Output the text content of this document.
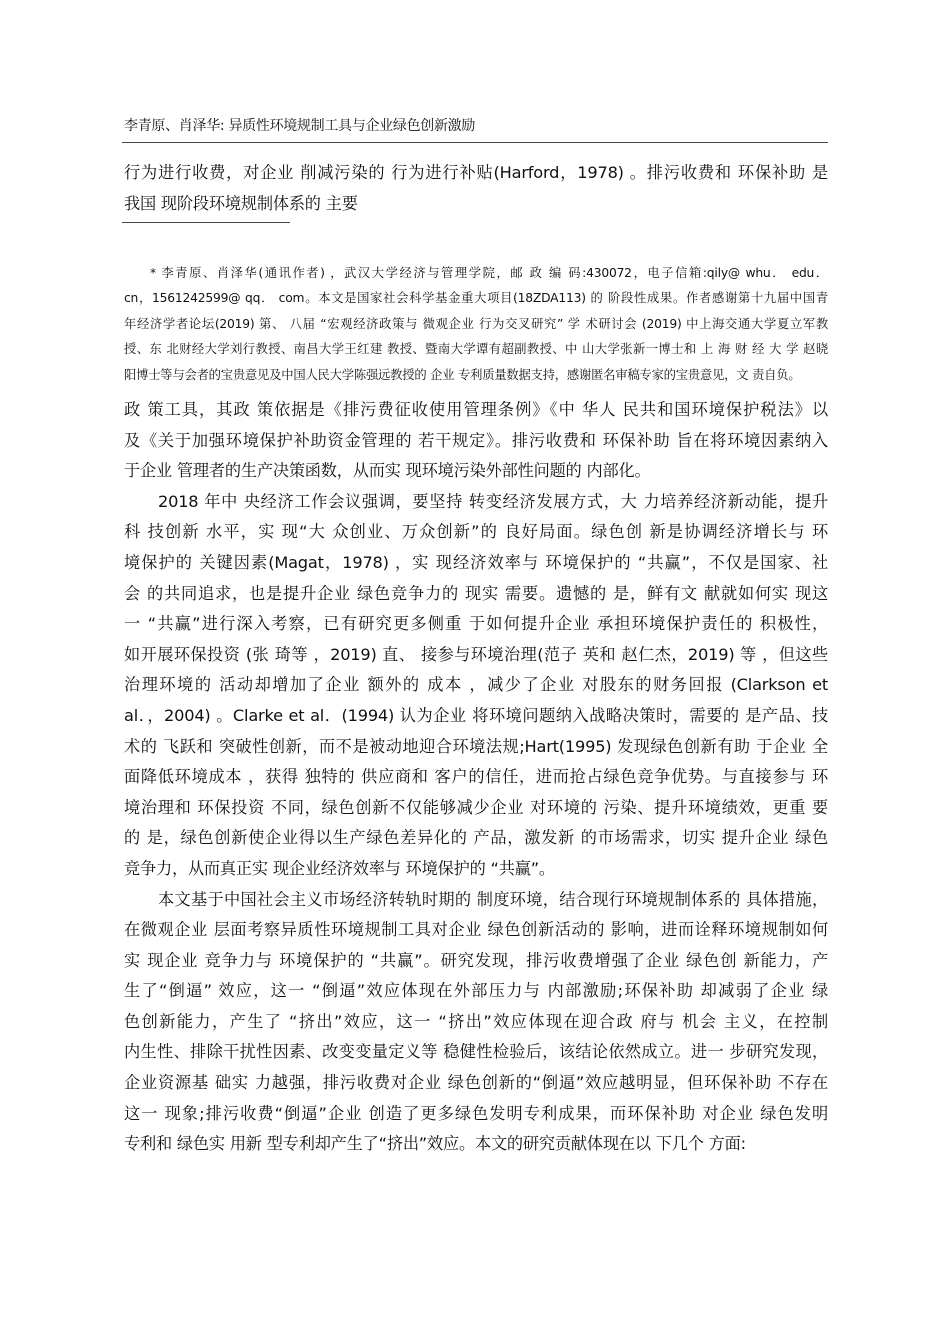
李青原、肖泽华: 异质性环境规制工具与企业绿色创新激励
行为进行收费，对企业 削减污染的 行为进行补贴(Harford，1978) 。排污收费和 环保补助 是
我国 现阶段环境规制体系的 主要
* 李青原、肖泽华(通讯作者) ，武汉大学经济与管理学院，邮 政 编 码:430072，电子信箱:qily@ whu． edu．
cn，1561242599@ qq． com。本文是国家社会科学基金重大项目(18ZDA113) 的 阶段性成果。作者感谢第十九届中国青
年经济学者论坛(2019) 第、 八届 “宏观经济政策与 微观企业 行为交叉研究” 学 术研讨会 (2019) 中上海交通大学夏立军教
授、东 北财经大学刘行教授、南昌大学王红建 教授、暨南大学谭有超副教授、中 山大学张新一博士和 上 海 财 经 大 学 赵晓
阳博士等与会者的宝贵意见及中国人民大学陈强远教授的 企业 专利质量数据支持，感谢匿名审稿专家的宝贵意见，文 责自负。
政 策工具，其政 策依据是《排污费征收使用管理条例》《中 华人 民共和国环境保护税法》以
及《关于加强环境保护补助资金管理的 若干规定》。排污收费和 环保补助 旨在将环境因素纳入
于企业 管理者的生产决策函数，从而实 现环境污染外部性问题的 内部化。
2018 年中 央经济工作会议强调，要坚持 转变经济发展方式，大 力培养经济新动能，提升
科 技创新 水平，实 现“大 众创业、万众创新”的 良好局面。绿色创 新是协调经济增长与 环
境保护的 关键因素(Magat，1978) ，实 现经济效率与 环境保护的 “共赢”，不仅是国家、社
会 的共同追求，也是提升企业 绿色竞争力的 现实 需要。遗憾的 是，鲜有文 献就如何实 现这
一 “共赢”进行深入考察，已有研究更多侧重 于如何提升企业 承担环境保护责任的 积极性，
如开展环保投资 (张 琦等 ，2019) 直、 接参与环境治理(范子 英和 赵仁杰，2019) 等 ，但这些
治理环境的 活动却增加了企业 额外的 成本 ，减少了企业 对股东的财务回报 (Clarkson et
al．，2004) 。Clarke et al．(1994) 认为企业 将环境问题纳入战略决策时，需要的 是产品、技
术的 飞跃和 突破性创新，而不是被动地迎合环境法规;Hart(1995) 发现绿色创新有助 于企业 全
面降低环境成本 ，获得 独特的 供应商和 客户的信任，进而抢占绿色竞争优势。与直接参与 环
境治理和 环保投资 不同，绿色创新不仅能够减少企业 对环境的 污染、提升环境绩效，更重 要
的 是，绿色创新使企业得以生产绿色差异化的 产品，激发新 的市场需求，切实 提升企业 绿色
竞争力，从而真正实 现企业经济效率与 环境保护的 “共赢”。
本文基于中国社会主义市场经济转轨时期的 制度环境，结合现行环境规制体系的 具体措施，
在微观企业 层面考察异质性环境规制工具对企业 绿色创新活动的 影响，进而诠释环境规制如何
实 现企业 竞争力与 环境保护的 “共赢”。研究发现，排污收费增强了企业 绿色创 新能力，产
生了“倒逼” 效应，这一 “倒逼”效应体现在外部压力与 内部激励;环保补助 却减弱了企业 绿
色创新能力，产生了 “挤出”效应，这一 “挤出”效应体现在迎合政 府与 机会 主义，在控制
内生性、排除干扰性因素、改变变量定义等 稳健性检验后，该结论依然成立。进一 步研究发现，
企业资源基 础实 力越强，排污收费对企业 绿色创新的“倒逼”效应越明显，但环保补助 不存在
这一 现象;排污收费“倒逼”企业 创造了更多绿色发明专利成果，而环保补助 对企业 绿色发明
专利和 绿色实 用新 型专利却产生了“挤出”效应。本文的研究贡献体现在以 下几个 方面:
